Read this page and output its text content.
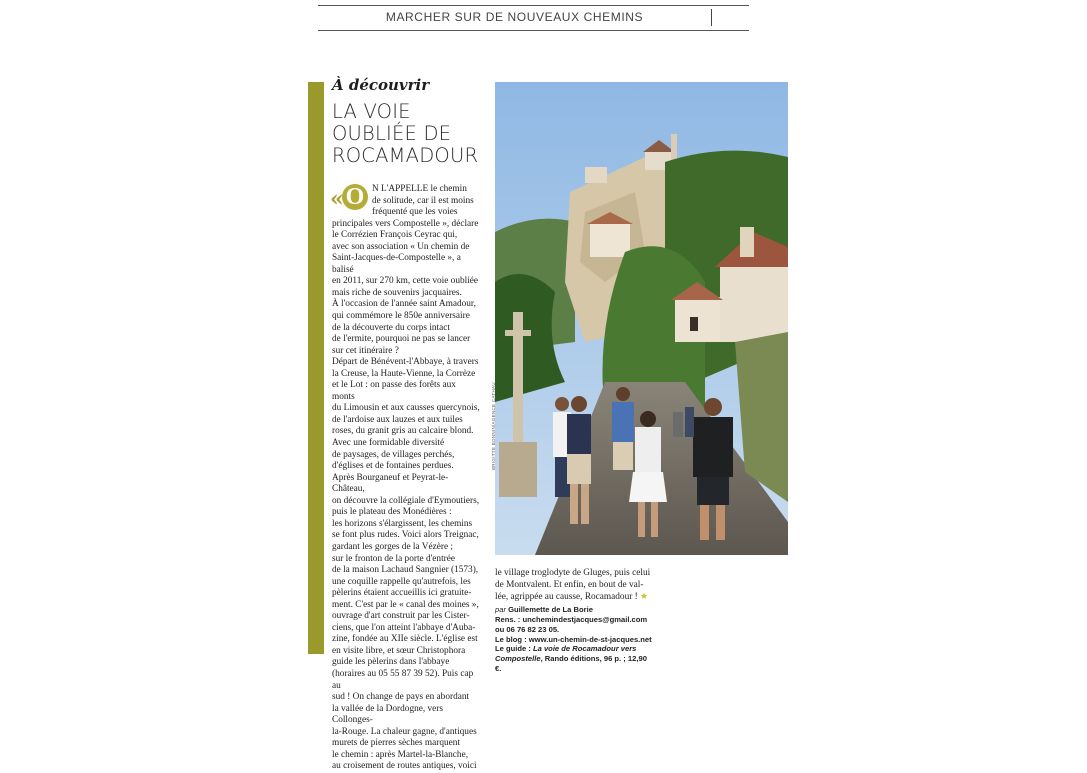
MARCHER SUR DE NOUVEAUX CHEMINS
À découvrir
LA VOIE
OUBLIÉE DE
ROCAMADOUR
« O N L'APPELLE le chemin

de solitude, car il est moins

fréquenté que les voies

principales vers Compostelle », déclare

le Corrézien François Ceyrac qui,

avec son association « Un chemin de

Saint-Jacques-de-Compostelle », a balisé

en 2011, sur 270 km, cette voie oubliée

mais riche de souvenirs jacquaires.

À l'occasion de l'année saint Amadour,

qui commémore le 850e anniversaire

de la découverte du corps intact

de l'ermite, pourquoi ne pas se lancer

sur cet itinéraire ?

Départ de Bénévent-l'Abbaye, à travers

la Creuse, la Haute-Vienne, la Corrèze

et le Lot : on passe des forêts aux monts

du Limousin et aux causses quercynois,

de l'ardoise aux lauzes et aux tuiles

roses, du granit gris au calcaire blond.

Avec une formidable diversité

de paysages, de villages perchés,

d'églises et de fontaines perdues.

Après Bourganeuf et Peyrat-le-Château,

on découvre la collégiale d'Eymoutiers,

puis le plateau des Monédières :

les horizons s'élargissent, les chemins

se font plus rudes. Voici alors Treignac,

gardant les gorges de la Vézère ;

sur le fronton de la porte d'entrée

de la maison Lachaud Sangnier (1573),

une coquille rappelle qu'autrefois, les

pèlerins étaient accueillis ici gratuite-

ment. C'est par le « canal des moines »,

ouvrage d'art construit par les Cister-

ciens, que l'on atteint l'abbaye d'Auba-

zine, fondée au XIIe siècle. L'église est

en visite libre, et sœur Christophora

guide les pèlerins dans l'abbaye

(horaires au 05 55 87 39 52). Puis cap au

sud ! On change de pays en abordant

la vallée de la Dordogne, vers Collonges-

la-Rouge. La chaleur gagne, d'antiques

murets de pierres sèches marquent

le chemin : après Martel-la-Blanche,

au croisement de routes antiques, voici

Pour atteindre la cité
médiévale de
Rocamadour (Lot)
dressée sur un à-pic
de 150 m, les pèlerins
doivent gravir
un escalier de
216 marches. En haut :
la récompense !
BRIGITTE BONNIN/AGENCE CATHAU

le village troglodyte de Gluges, puis celui

de Montvalent. Et enfin, en bout de val-

lée, agrippée au causse, Rocamadour ! ★

par Guillemette de La Borie

Rens. : unchemindestjacques@gmail.com
ou 06 76 82 23 05.
Le blog : www.un-chemin-de-st-jacques.net
Le guide : La voie de Rocamadour vers Compostelle, Rando éditions, 96 p. ; 12,90 €.
